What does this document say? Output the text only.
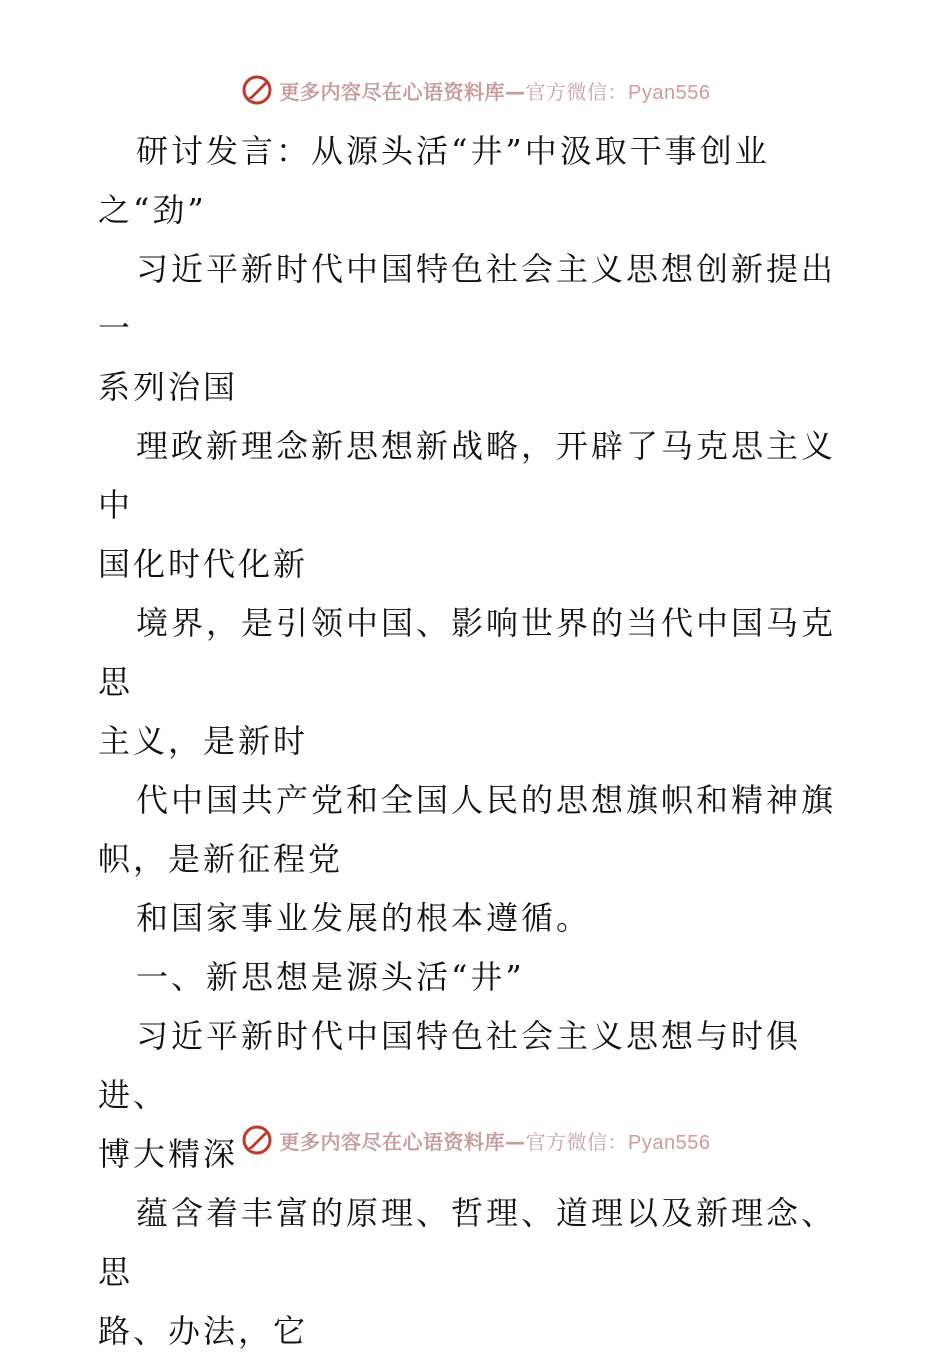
更多内容尽在心语资料库—官方微信：Pyan556

研讨发言：从源头活“井”中汲取干事创业
之“劲”

习近平新时代中国特色社会主义思想创新提出一
系列治国

理政新理念新思想新战略，开辟了马克思主义中
国化时代化新

境界，是引领中国、影响世界的当代中国马克思
主义，是新时

代中国共产党和全国人民的思想旗帜和精神旗
帜，是新征程党

和国家事业发展的根本遵循。

一、新思想是源头活“井”

习近平新时代中国特色社会主义思想与时俱进、
博大精深

蕴含着丰富的原理、哲理、道理以及新理念、思
路、办法，它

更多内容尽在心语资料库—官方微信：Pyan556
